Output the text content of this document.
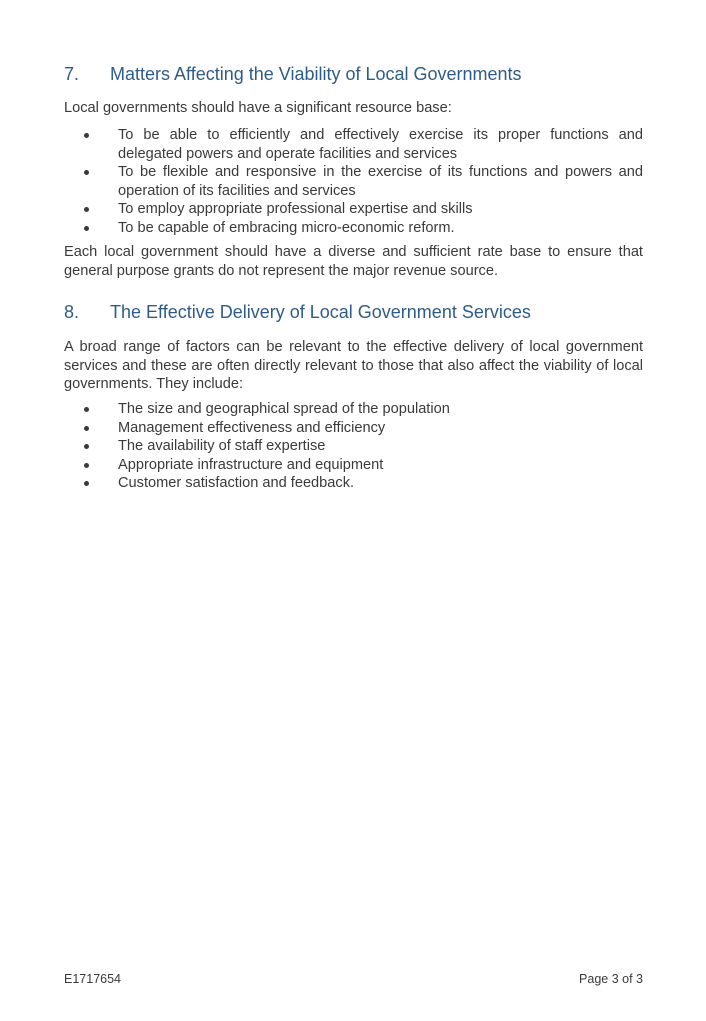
7. Matters Affecting the Viability of Local Governments

Local governments should have a significant resource base:

To be able to efficiently and effectively exercise its proper functions and delegated powers and operate facilities and services
To be flexible and responsive in the exercise of its functions and powers and operation of its facilities and services
To employ appropriate professional expertise and skills
To be capable of embracing micro-economic reform.

Each local government should have a diverse and sufficient rate base to ensure that general purpose grants do not represent the major revenue source.

8. The Effective Delivery of Local Government Services

A broad range of factors can be relevant to the effective delivery of local government services and these are often directly relevant to those that also affect the viability of local governments. They include:

The size and geographical spread of the population
Management effectiveness and efficiency
The availability of staff expertise
Appropriate infrastructure and equipment
Customer satisfaction and feedback.
E1717654	Page 3 of 3
